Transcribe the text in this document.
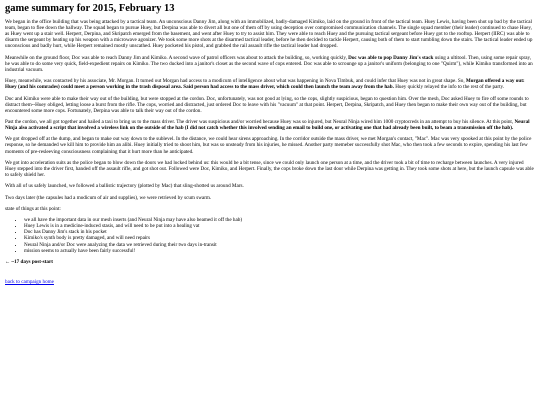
game summary for 2015, February 13

We began in the office building that was being attacked by a tactical team. An unconscious Danny Jim, along with an immobilized, badly-damaged Kimiko, laid on the ground in front of the tactical team. Huey Lewis, having been shot up bad by the tactical team, began to flee down the hallway. The squad began to pursue Huey, but Derpina was able to divert all but one of them off by using deception over compromised communication channels. The single squad member (their leader) continued to chase Huey, as Huey went up a stair well. Herpert, Derpina, and Skripatch emerged from the basement, and went after Huey to try to assist him. They were able to reach Huey and the pursuing tactical sergeant before Huey got to the rooftop. Herpert (IIRC) was able to disarm the sergeant by heating up his weapon with a microwave agonizer. We took some more shots at the disarmed tactical leader, before he then decided to tackle Herpert, causing both of them to start tumbling down the stairs. The tactical leader ended up unconscious and badly hurt, while Herpert remained mostly unscathed. Huey pocketed his pistol, and grabbed the rail assault rifle the tactical leader had dropped.

Meanwhile on the ground floor, Doc was able to reach Danny Jim and Kimiko. A second wave of patrol officers was about to attack the building, so, working quickly, Doc was able to pop Danny Jim's stack using a ultitool. Then, using some repair spray, he was able to do some very quick, field-expedient repairs on Kimiko. The two ducked into a janitor's closet as the second wave of cops entered. Doc was able to scrounge up a janitor's uniform (belonging to one "Quirm"), while Kimiko transformed into an industrial vacuum.

Huey, meanwhile, was contacted by his associate, Mr. Morgan. It turned out Morgan had access to a modicum of intelligence about what was happening in Nova Timbuk, and could infer that Huey was not in great shape. So, Morgan offered a way out: Huey (and his comrades) could meet a person working in the trash disposal area. Said person had access to the mass driver, which could then launch the team away from the hab. Huey quickly relayed the info to the rest of the party.

Doc and Kimiko were able to make their way out of the building, but were stopped at the cordon. Doc, unfortunately, was not good at lying, so the cops, slightly suspicious, began to question him. Over the mesh, Doc asked Huey to fire off some rounds to distract them--Huey obliged, letting loose a burst from the rifle. The cops, worried and distracted, just ordered Doc to leave with his "vacuum" at that point. Herpert, Derpina, Skripatch, and Huey then began to make their own way out of the building, but encountered some more cops. Fortunately, Derpina was able to talk their way out of the cordon.

Past the cordon, we all got together and hailed a taxi to bring us to the mass driver. The driver was suspicious and/or worried because Huey was so injured, but Neural Ninja wired him 1000 cryptocreds in an attempt to buy his silence. At this point, Neural Ninja also activated a script that involved a wireless link on the outside of the hab (I did not catch whether this involved sending an email to build one, or activating one that had already been built, to beam a transmission off the hab).

We got dropped off at the dump, and began to make out way down to the sublevel. In the distance, we could hear sirens approaching. In the corridor outside the mass driver, we met Morgan's contact, "Mac". Mac was very spooked at this point by the police response, so he demanded we kill him to provide him an alibi. Huey initially tried to shoot him, but was so unsteady from his injuries, he missed. Another party memeber successfully shot Mac, who then took a few seconds to expire, spending his last few moments of pre-resleeving consciousness complaining that it hurt more than he anticipated.

We got into acceleration suits as the police began to blow down the doors we had locked behind us: this would be a bit tense, since we could only launch one person at a time, and the driver took a bit of time to recharge between launches. A very injured Huey stepped into the driver first, handed off the assault rifle, and got shot out. Followed were Doc, Kimiko, and Herpert. Finally, the cops broke down the last door while Derpina was getting in. They took some shots at here, but the launch capsule was able to safely shield her.

With all of us safely launched, we followed a ballistic trajectory (plotted by Mac) that sling-shotted us around Mars.

Two days later (the capsules had a modicum of air and supplies), we were retrieved by scum swarm.

state of things at this point:

• we all have the important data in our mesh inserts (and Neural Ninja may have also beamed it off the hab)
• Huey Lewis is in a medicine-induced stasis, and will need to be put into a healing vat
• Doc has Danny Jim's stack in his pocket
• Kimiko's synth body is pretty damaged, and will need repairs
• Neural Ninja and/or Doc were analyzing the data we retrieved during their two days in-transit
• mission seems to actually have been fairly successful!
← ~17 days post-start
back to campaign home
